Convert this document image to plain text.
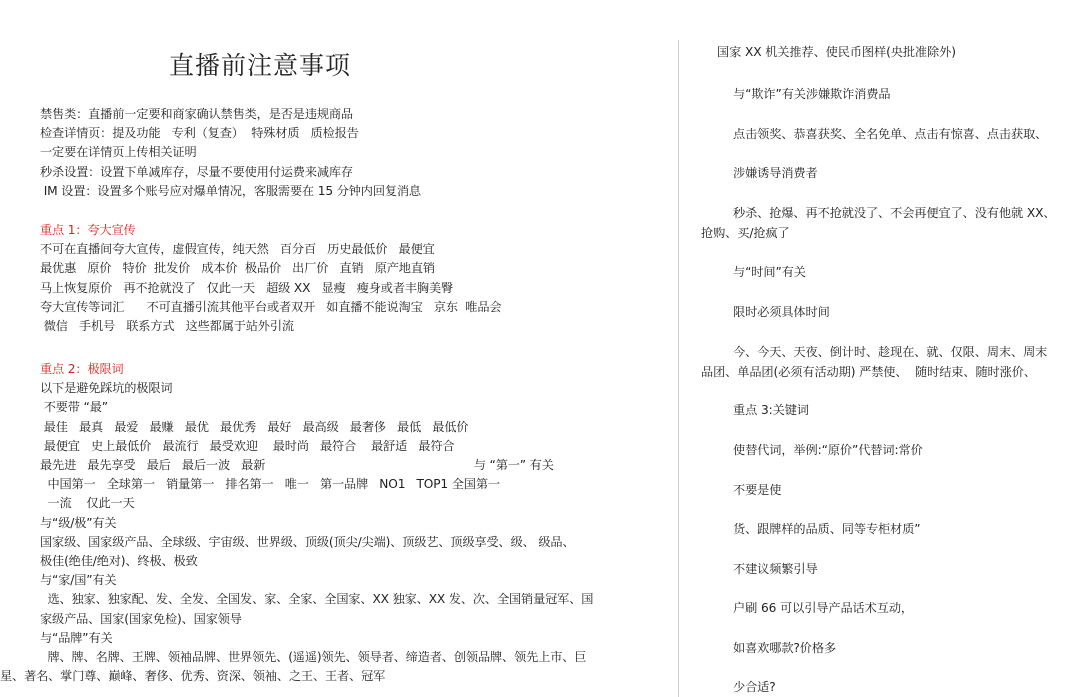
直播前注意事项
禁售类：直播前一定要和商家确认禁售类，是否是违规商品
检查详情页：提及功能   专利（复查）  特殊材质   质检报告
一定要在详情页上传相关证明
秒杀设置：设置下单减库存，尽量不要使用付运费来减库存
IM 设置：设置多个账号应对爆单情况，客服需要在 15 分钟内回复消息
重点 1：夸大宣传
不可在直播间夸大宣传，虚假宣传，纯天然   百分百   历史最低价   最便宜
最优惠   原价   特价  批发价   成本价  极品价   出厂价   直销   原产地直销
马上恢复原价   再不抢就没了   仅此一天   超级 XX   显瘦   瘦身或者丰胸美臀
夸大宣传等词汇      不可直播引流其他平台或者双开   如直播不能说淘宝   京东  唯品会
微信   手机号   联系方式   这些都属于站外引流
重点 2：极限词
以下是避免踩坑的极限词
不要带 “最”
最佳   最真   最爱   最赚   最优   最优秀   最好   最高级   最奢侈   最低   最低价
最便宜   史上最低价   最流行   最受欢迎    最时尚   最符合    最舒适   最符合
最先进   最先享受   最后   最后一波   最新                                                        与 “第一” 有关
中国第一   全球第一   销量第一   排名第一   唯一   第一品牌   NO1   TOP1 全国第一
一流    仅此一天
与“级/极”有关
国家级、国家级产品、全球级、宇宙级、世界级、顶级(顶尖/尖端)、顶级艺、顶级享受、级、 级品、
极佳(绝佳/绝对)、终极、极致
与“家/国”有关
选、独家、独家配、发、全发、全国发、家、全家、全国家、XX 独家、XX 发、次、全国销量冠军、国
家级产品、国家(国家免检)、国家领导
与“品牌”有关
牌、牌、名牌、王牌、领袖品牌、世界领先、(遥遥)领先、领导者、缔造者、创领品牌、领先上市、巨
星、著名、掌门尊、巅峰、奢侈、优秀、资深、领袖、之王、王者、冠军
国家 XX 机关推荐、使民币图样(央批准除外)
与“欺诈”有关涉嫌欺诈消费品
点击领奖、恭喜获奖、全名免单、点击有惊喜、点击获取、
涉嫌诱导消费者
秒杀、抢爆、再不抢就没了、不会再便宜了、没有他就 XX、
抢购、买/抢疯了
与“时间”有关
限时必须具体时间
今、今天、天夜、倒计时、趁现在、就、仅限、周末、周末
品团、单品团(必须有活动期) 严禁使、  随时结束、随时涨价、
重点 3:关键词
使替代词，举例:“原价”代替词:常价
不要是使
货、跟牌样的品质、同等专柜材质”
不建议频繁引导
户刷 66 可以引导产品话术互动，
如喜欢哪款?价格多
少合适?
